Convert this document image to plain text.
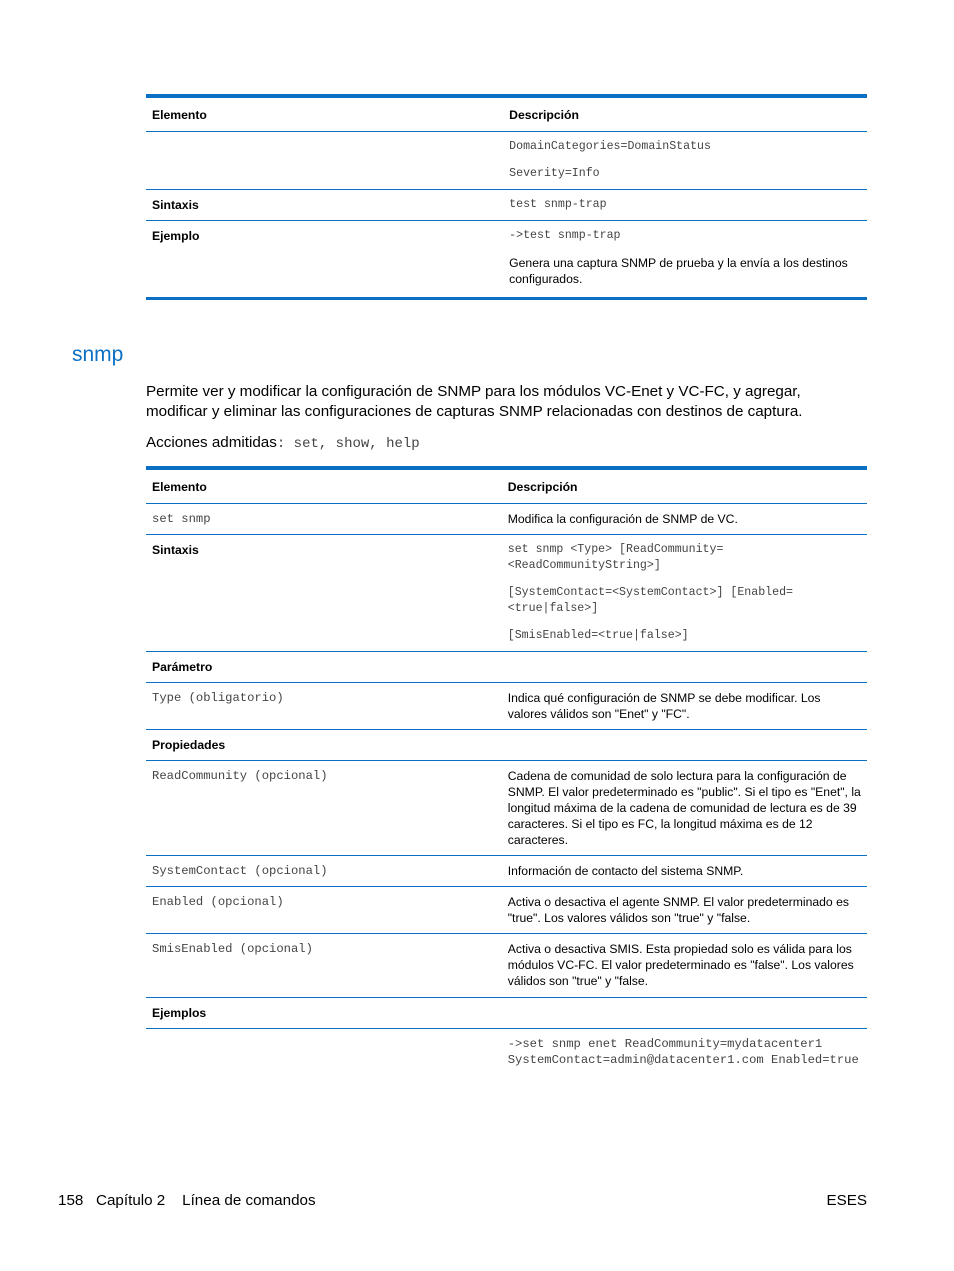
Elemento	Descripción

	DomainCategories=DomainStatus

Severity=Info

Sintaxis	test snmp-trap

Ejemplo	->test snmp-trap

Genera una captura SNMP de prueba y la envía a los destinos configurados.

snmp

Permite ver y modificar la configuración de SNMP para los módulos VC-Enet y VC-FC, y agregar, modificar y eliminar las configuraciones de capturas SNMP relacionadas con destinos de captura.

Acciones admitidas: set, show, help

Elemento	Descripción
set snmp	Modifica la configuración de SNMP de VC.
Sintaxis	set snmp <Type> [ReadCommunity=<ReadCommunityString>]

[SystemContact=<SystemContact>] [Enabled=<true|false>]

[SmisEnabled=<true|false>]

Parámetro	
Type (obligatorio)	Indica qué configuración de SNMP se debe modificar. Los valores válidos son "Enet" y "FC".
Propiedades	
ReadCommunity (opcional)	Cadena de comunidad de solo lectura para la configuración de SNMP. El valor predeterminado es "public". Si el tipo es "Enet", la longitud máxima de la cadena de comunidad de lectura es de 39 caracteres. Si el tipo es FC, la longitud máxima es de 12 caracteres.
SystemContact (opcional)	Información de contacto del sistema SNMP.
Enabled (opcional)	Activa o desactiva el agente SNMP. El valor predeterminado es "true". Los valores válidos son "true" y "false.
SmisEnabled (opcional)	Activa o desactiva SMIS. Esta propiedad solo es válida para los módulos VC-FC. El valor predeterminado es "false". Los valores válidos son "true" y "false.
Ejemplos	
	->set snmp enet ReadCommunity=mydatacenter1 SystemContact=admin@datacenter1.com Enabled=true
158 Capítulo 2 Línea de comandos	ESES
